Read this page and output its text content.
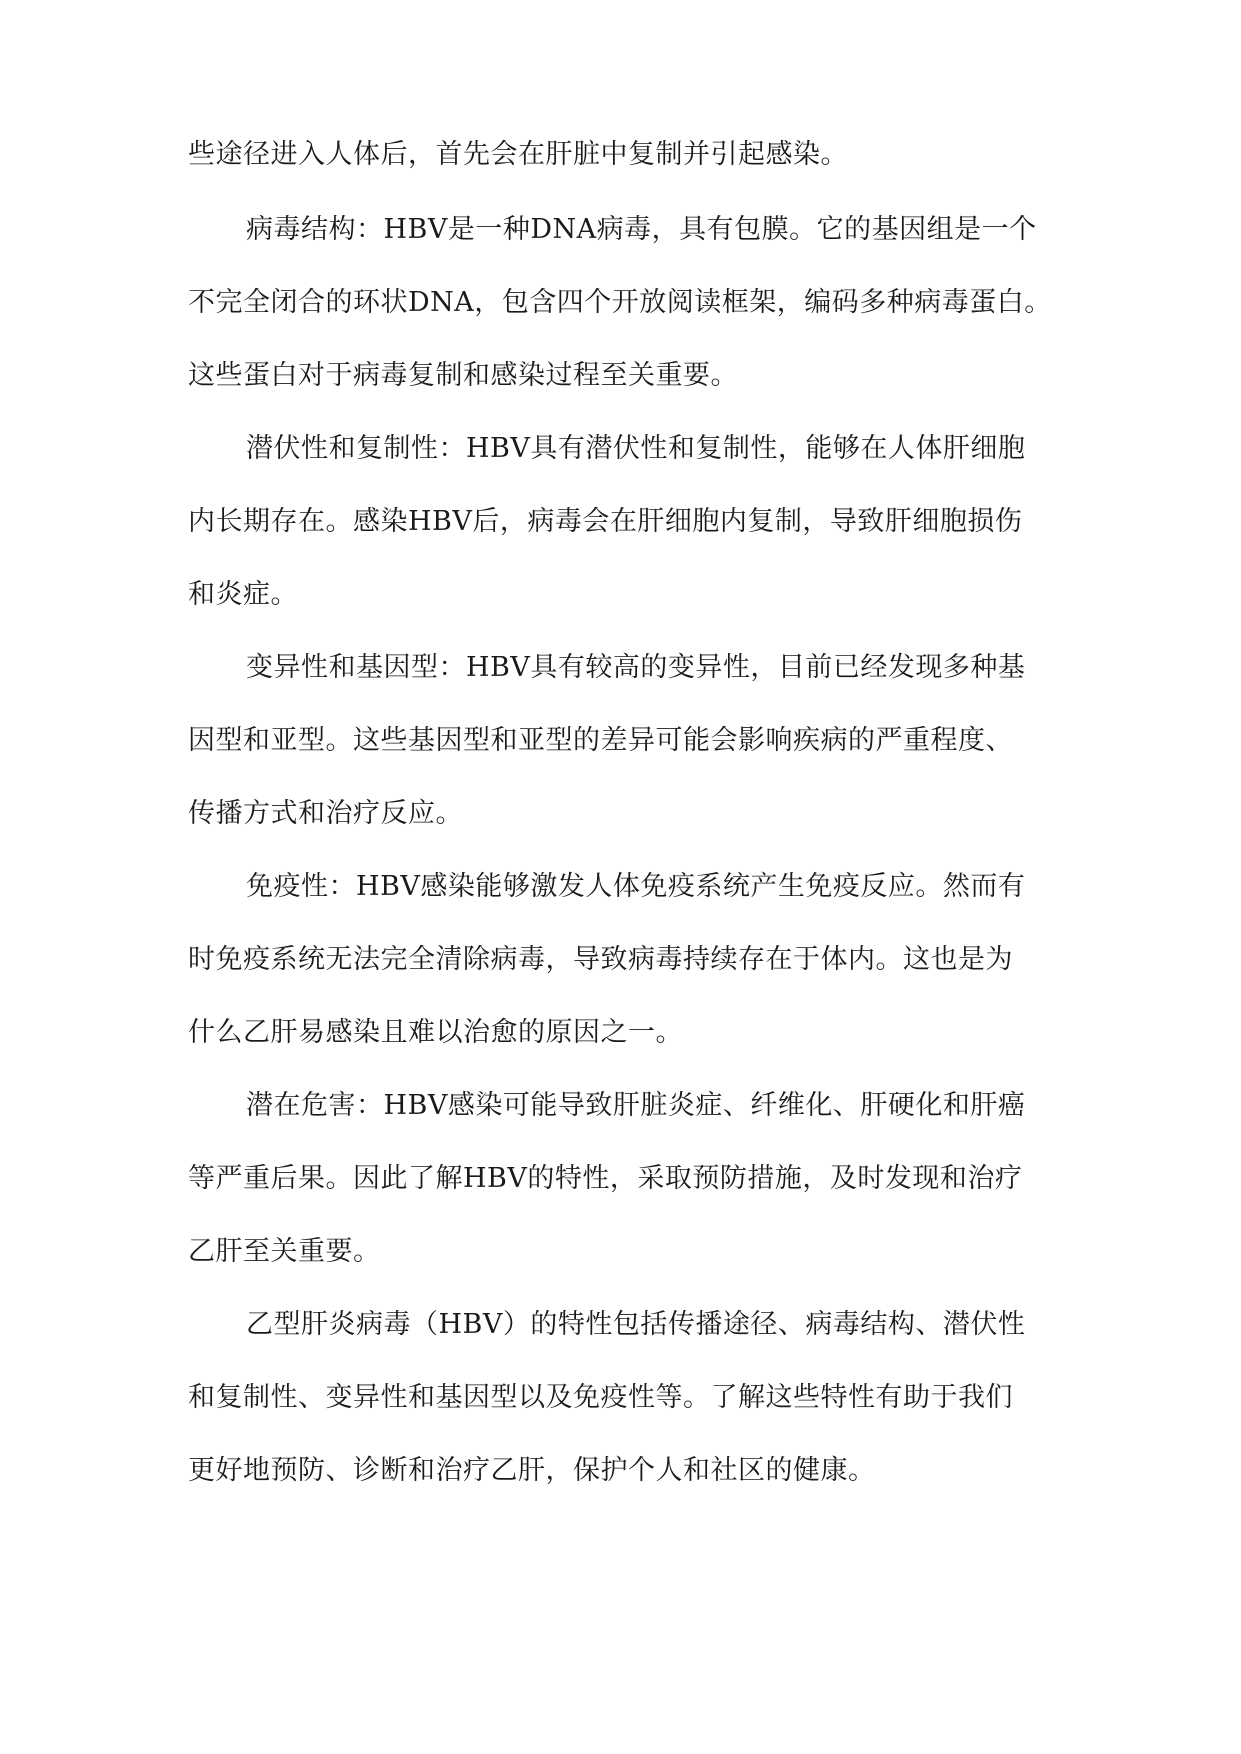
些途径进入人体后，首先会在肝脏中复制并引起感染。
病毒结构：HBV是一种DNA病毒，具有包膜。它的基因组是一个
不完全闭合的环状DNA，包含四个开放阅读框架，编码多种病毒蛋白。
这些蛋白对于病毒复制和感染过程至关重要。
潜伏性和复制性：HBV具有潜伏性和复制性，能够在人体肝细胞
内长期存在。感染HBV后，病毒会在肝细胞内复制，导致肝细胞损伤
和炎症。
变异性和基因型：HBV具有较高的变异性，目前已经发现多种基
因型和亚型。这些基因型和亚型的差异可能会影响疾病的严重程度、
传播方式和治疗反应。
免疫性：HBV感染能够激发人体免疫系统产生免疫反应。然而有
时免疫系统无法完全清除病毒，导致病毒持续存在于体内。这也是为
什么乙肝易感染且难以治愈的原因之一。
潜在危害：HBV感染可能导致肝脏炎症、纤维化、肝硬化和肝癌
等严重后果。因此了解HBV的特性，采取预防措施，及时发现和治疗
乙肝至关重要。
乙型肝炎病毒（HBV）的特性包括传播途径、病毒结构、潜伏性
和复制性、变异性和基因型以及免疫性等。了解这些特性有助于我们
更好地预防、诊断和治疗乙肝，保护个人和社区的健康。
